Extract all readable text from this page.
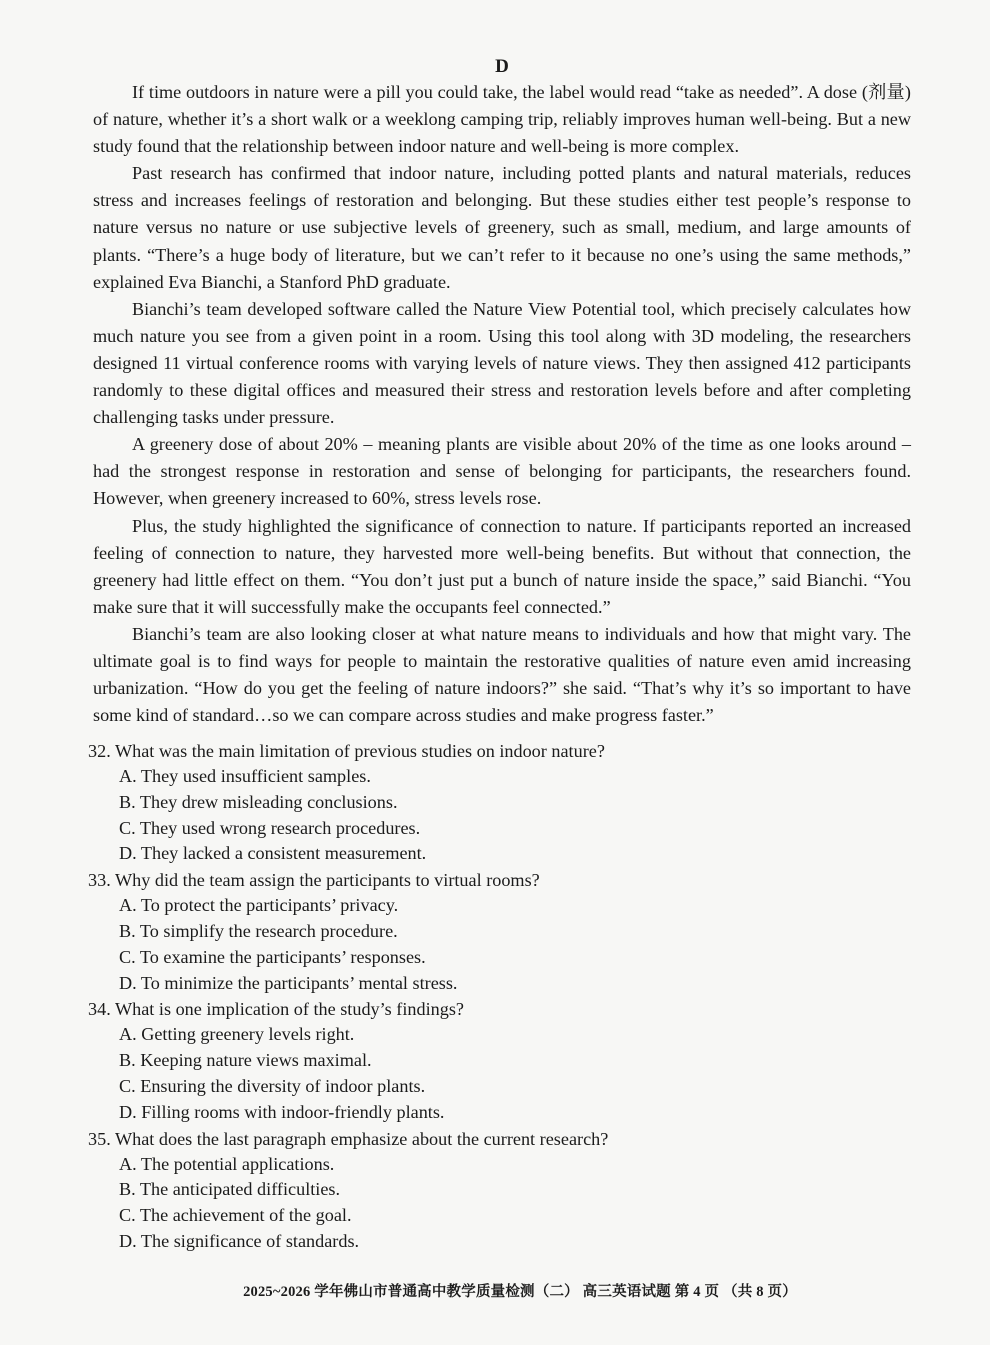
D

If time outdoors in nature were a pill you could take, the label would read “take as needed”. A dose (剂量) of nature, whether it’s a short walk or a weeklong camping trip, reliably improves human well-being. But a new study found that the relationship between indoor nature and well-being is more complex.

Past research has confirmed that indoor nature, including potted plants and natural materials, reduces stress and increases feelings of restoration and belonging. But these studies either test people’s response to nature versus no nature or use subjective levels of greenery, such as small, medium, and large amounts of plants. “There’s a huge body of literature, but we can’t refer to it because no one’s using the same methods,” explained Eva Bianchi, a Stanford PhD graduate.

Bianchi’s team developed software called the Nature View Potential tool, which precisely calculates how much nature you see from a given point in a room. Using this tool along with 3D modeling, the researchers designed 11 virtual conference rooms with varying levels of nature views. They then assigned 412 participants randomly to these digital offices and measured their stress and restoration levels before and after completing challenging tasks under pressure.

A greenery dose of about 20% – meaning plants are visible about 20% of the time as one looks around – had the strongest response in restoration and sense of belonging for participants, the researchers found. However, when greenery increased to 60%, stress levels rose.

Plus, the study highlighted the significance of connection to nature. If participants reported an increased feeling of connection to nature, they harvested more well-being benefits. But without that connection, the greenery had little effect on them. “You don’t just put a bunch of nature inside the space,” said Bianchi. “You make sure that it will successfully make the occupants feel connected.”

Bianchi’s team are also looking closer at what nature means to individuals and how that might vary. The ultimate goal is to find ways for people to maintain the restorative qualities of nature even amid increasing urbanization. “How do you get the feeling of nature indoors?” she said. “That’s why it’s so important to have some kind of standard…so we can compare across studies and make progress faster.”

32. What was the main limitation of previous studies on indoor nature?
A. They used insufficient samples.
B. They drew misleading conclusions.
C. They used wrong research procedures.
D. They lacked a consistent measurement.
33. Why did the team assign the participants to virtual rooms?
A. To protect the participants’ privacy.
B. To simplify the research procedure.
C. To examine the participants’ responses.
D. To minimize the participants’ mental stress.
34. What is one implication of the study’s findings?
A. Getting greenery levels right.
B. Keeping nature views maximal.
C. Ensuring the diversity of indoor plants.
D. Filling rooms with indoor-friendly plants.
35. What does the last paragraph emphasize about the current research?
A. The potential applications.
B. The anticipated difficulties.
C. The achievement of the goal.
D. The significance of standards.
2025~2026 学年佛山市普通高中教学质量检测（二） 高三英语试题 第 4 页 （共 8 页）
